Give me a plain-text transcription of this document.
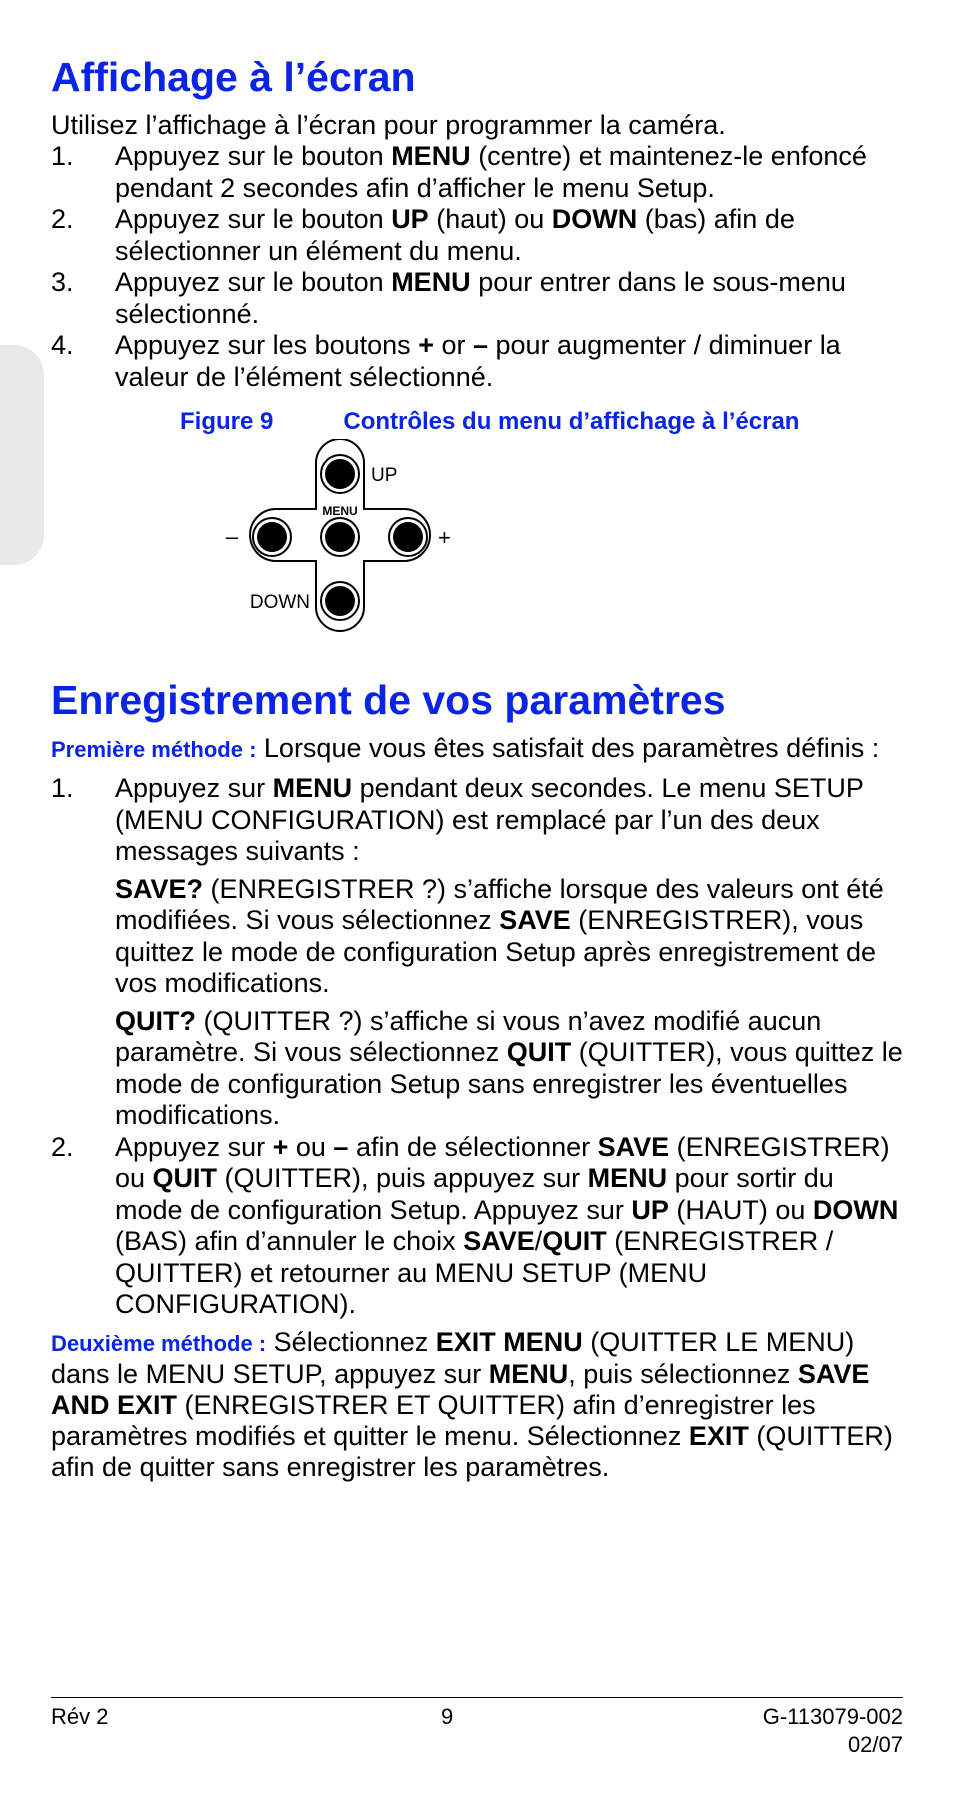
Affichage à l’écran

Utilisez l’affichage à l’écran pour programmer la caméra.

1. Appuyez sur le bouton MENU (centre) et maintenez-le enfoncé pendant 2 secondes afin d’afficher le menu Setup.
2. Appuyez sur le bouton UP (haut) ou DOWN (bas) afin de sélectionner un élément du menu.
3. Appuyez sur le bouton MENU pour entrer dans le sous-menu sélectionné.
4. Appuyez sur les boutons + or – pour augmenter / diminuer la valeur de l’élément sélectionné.
Figure 9	Contrôles du menu d’affichage à l’écran
UP
MENU
–	+
DOWN
Enregistrement de vos paramètres

Première méthode : Lorsque vous êtes satisfait des paramètres définis :

1. Appuyez sur MENU pendant deux secondes. Le menu SETUP (MENU CONFIGURATION) est remplacé par l’un des deux messages suivants :
SAVE? (ENREGISTRER ?) s’affiche lorsque des valeurs ont été modifiées. Si vous sélectionnez SAVE (ENREGISTRER), vous quittez le mode de configuration Setup après enregistrement de vos modifications.
QUIT? (QUITTER ?) s’affiche si vous n’avez modifié aucun paramètre. Si vous sélectionnez QUIT (QUITTER), vous quittez le mode de configuration Setup sans enregistrer les éventuelles modifications.
2. Appuyez sur + ou – afin de sélectionner SAVE (ENREGISTRER) ou QUIT (QUITTER), puis appuyez sur MENU pour sortir du mode de configuration Setup. Appuyez sur UP (HAUT) ou DOWN (BAS) afin d’annuler le choix SAVE/QUIT (ENREGISTRER / QUITTER) et retourner au MENU SETUP (MENU CONFIGURATION).

Deuxième méthode : Sélectionnez EXIT MENU (QUITTER LE MENU) dans le MENU SETUP, appuyez sur MENU, puis sélectionnez SAVE AND EXIT (ENREGISTRER ET QUITTER) afin d’enregistrer les paramètres modifiés et quitter le menu. Sélectionnez EXIT (QUITTER) afin de quitter sans enregistrer les paramètres.

Rév 2	9	G-113079-002
02/07
